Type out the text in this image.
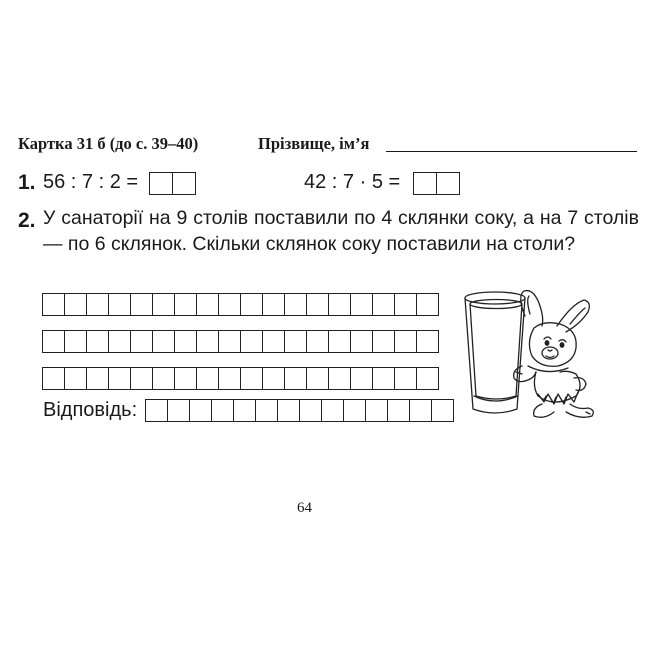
Картка 31 б (до с. 39–40)	Прізвище, ім’я
1. 56 : 7 : 2 =	42 : 7 · 5 =
2. У санаторії на 9 столів поставили по 4 склянки соку, а на 7 столів — по 6 склянок. Скільки склянок соку поставили на столи?
Відповідь:
64
